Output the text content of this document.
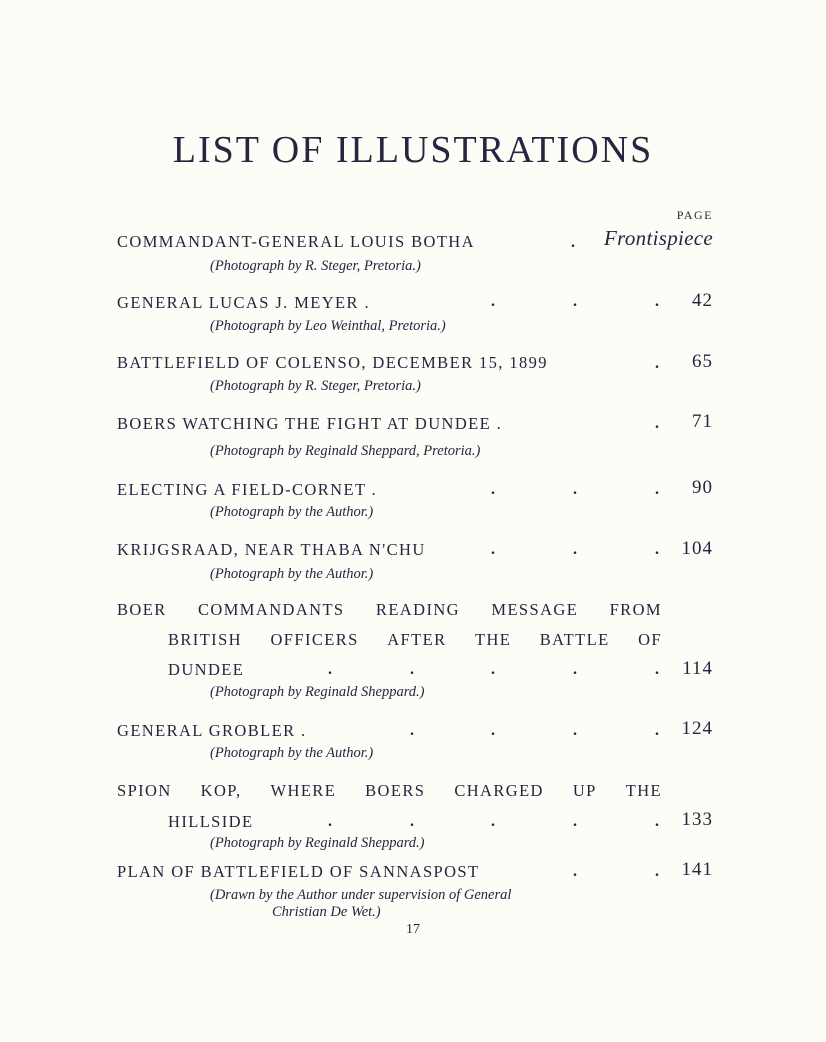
LIST OF ILLUSTRATIONS
PAGE
COMMANDANT-GENERAL LOUIS BOTHA	. Frontispiece
(Photograph by R. Steger, Pretoria.)
GENERAL LUCAS J. MEYER .	.	.	. 42
(Photograph by Leo Weinthal, Pretoria.)
BATTLEFIELD OF COLENSO, DECEMBER 15, 1899	. 65
(Photograph by R. Steger, Pretoria.)
BOERS WATCHING THE FIGHT AT DUNDEE .	. 71
(Photograph by Reginald Sheppard, Pretoria.)
ELECTING A FIELD-CORNET .	.	.	. 90
(Photograph by the Author.)
KRIJGSRAAD, NEAR THABA N'CHU	.	.	. 104
(Photograph by the Author.)
BOER COMMANDANTS READING MESSAGE FROM
BRITISH OFFICERS AFTER THE BATTLE OF
DUNDEE	.	.	.	.	. 114
(Photograph by Reginald Sheppard.)
GENERAL GROBLER .	.	.	.	. 124
(Photograph by the Author.)
SPION KOP, WHERE BOERS CHARGED UP THE
HILLSIDE	.	.	.	.	. 133
(Photograph by Reginald Sheppard.)
PLAN OF BATTLEFIELD OF SANNASPOST	.	. 141
(Drawn by the Author under supervision of General
Christian De Wet.)
17
